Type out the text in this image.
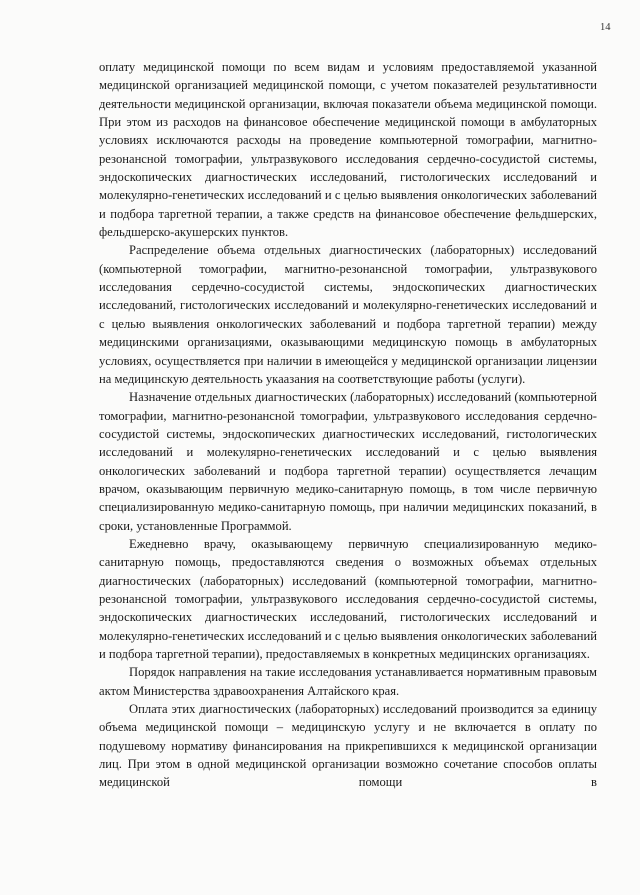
14

оплату медицинской помощи по всем видам и условиям предоставляемой указанной медицинской организацией медицинской помощи, с учетом показателей результативности деятельности медицинской организации, включая показатели объема медицинской помощи. При этом из расходов на финансовое обеспечение медицинской помощи в амбулаторных условиях исключаются расходы на проведение компьютерной томографии, магнитно-резонансной томографии, ультразвукового исследования сердечно-сосудистой системы, эндоскопических диагностических исследований, гистологических исследований и молекулярно-генетических исследований и с целью выявления онкологических заболеваний и подбора таргетной терапии, а также средств на финансовое обеспечение фельдшерских, фельдшерско-акушерских пунктов.

Распределение объема отдельных диагностических (лабораторных) исследований (компьютерной томографии, магнитно-резонансной томографии, ультразвукового исследования сердечно-сосудистой системы, эндоскопических диагностических исследований, гистологических исследований и молекулярно-генетических исследований и с целью выявления онкологических заболеваний и подбора таргетной терапии) между медицинскими организациями, оказывающими медицинскую помощь в амбулаторных условиях, осуществляется при наличии в имеющейся у медицинской организации лицензии на медицинскую деятельность укаазания на соответствующие работы (услуги).

Назначение отдельных диагностических (лабораторных) исследований (компьютерной томографии, магнитно-резонансной томографии, ультразвукового исследования сердечно-сосудистой системы, эндоскопических диагностических исследований, гистологических исследований и молекулярно-генетических исследований и с целью выявления онкологических заболеваний и подбора таргетной терапии) осуществляется лечащим врачом, оказывающим первичную медико-санитарную помощь, в том числе первичную специализированную медико-санитарную помощь, при наличии медицинских показаний, в сроки, установленные Программой.

Ежедневно врачу, оказывающему первичную специализированную медико-санитарную помощь, предоставляются сведения о возможных объемах отдельных диагностических (лабораторных) исследований (компьютерной томографии, магнитно-резонансной томографии, ультразвукового исследования сердечно-сосудистой системы, эндоскопических диагностических исследований, гистологических исследований и молекулярно-генетических исследований и с целью выявления онкологических заболеваний и подбора таргетной терапии), предоставляемых в конкретных медицинских организациях.

Порядок направления на такие исследования устанавливается нормативным правовым актом Министерства здравоохранения Алтайского края.

Оплата этих диагностических (лабораторных) исследований производится за единицу объема медицинской помощи – медицинскую услугу и не включается в оплату по подушевому нормативу финансирования на прикрепившихся к медицинской организации лиц. При этом в одной медицинской организации возможно сочетание способов оплаты медицинской помощи в
